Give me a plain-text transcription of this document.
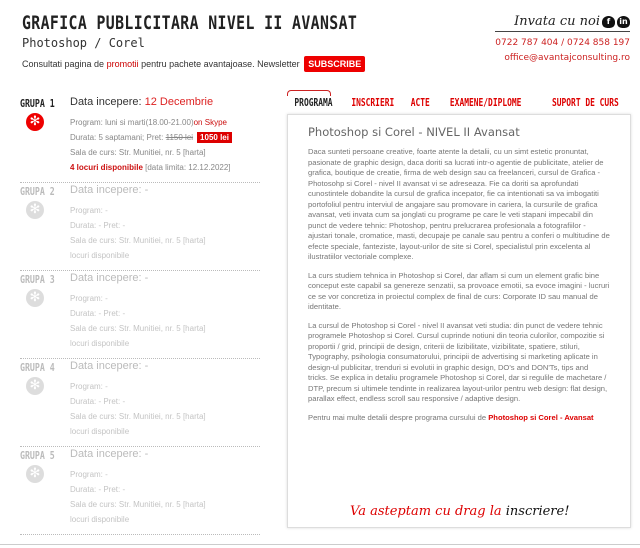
GRAFICA PUBLICITARA NIVEL II AVANSAT
Photoshop / Corel
Consultati pagina de promotii pentru pachete avantajoase. Newsletter SUBSCRIBE
Invata cu noi f	in
0722 787 404 / 0724 858 197
office@avantajconsulting.ro
GRUPA 1 Data incepere: 12 Decembrie
✻	Program: luni si marti(18.00-21.00)on Skype
Durata: 5 saptamani; Pret: 1150 lei 1050 lei
Sala de curs: Str. Munitiei, nr. 5 [harta]
4 locuri disponibile [data limita: 12.12.2022]
GRUPA 2 Data incepere: -
✻	Program: -
Durata: - Pret: -
Sala de curs: Str. Munitiei, nr. 5 [harta]
locuri disponibile
GRUPA 3 Data incepere: -
✻	Program: -
Durata: - Pret: -
Sala de curs: Str. Munitiei, nr. 5 [harta]
locuri disponibile
GRUPA 4 Data incepere: -
✻	Program: -
Durata: - Pret: -
Sala de curs: Str. Munitiei, nr. 5 [harta]
locuri disponibile
GRUPA 5 Data incepere: -
✻	Program: -
Durata: - Pret: -
Sala de curs: Str. Munitiei, nr. 5 [harta]
locuri disponibile
PROGRAMA INSCRIERI ACTE EXAMENE/DIPLOME	SUPORT DE CURS
Photoshop si Corel - NIVEL II Avansat

Daca sunteti persoane creative, foarte atente la detalii, cu un simt estetic pronuntat, pasionate de graphic design, daca doriti sa lucrati intr-o agentie de publicitate, atelier de grafica, boutique de creatie, firma de web design sau ca freelanceri, cursul de Grafica - Photosohp si Corel - nivel II avansat vi se adreseaza. Fie ca doriti sa aprofundati cunostintele dobandite la cursul de grafica incepator, fie ca intentionati sa va imbogatiti portofoliul pentru interviul de angajare sau promovare in cariera, la cursurile de grafica avansat, veti invata cum sa jonglati cu programe pe care le veti stapani impecabil din punct de vedere tehnic: Photoshop, pentru prelucrarea profesionala a fotografiilor - ajustari tonale, cromatice, masti, decupaje pe canale sau pentru a conferi o multitudine de efecte speciale, fanteziste, layout-urilor de site si Corel, specialistul prin excelenta al ilustratiilor vectoriale complexe.

La curs studiem tehnica in Photoshop si Corel, dar aflam si cum un element grafic bine conceput este capabil sa genereze senzatii, sa provoace emotii, sa evoce imagini - lucruri ce se vor concretiza in proiectul complex de final de curs: Corporate ID sau manual de identitate.

La cursul de Photoshop si Corel - nivel II avansat veti studia: din punct de vedere tehnic programele Photoshop si Corel. Cursul cuprinde notiuni din teoria culorilor, compozitie si proportii / grid, principii de design, criterii de lizibilitate, vizibilitate, spatiere, stiluri, Typography, psihologia consumatorului, principii de advertising si marketing aplicate in design-ul publicitar, trenduri si evolutii in graphic design, DO's and DON'Ts, tips and tricks. Se explica in detaliu programele Photoshop si Corel, dar si regulile de machetare / DTP, precum si ultimele tendinte in realizarea layout-urilor pentru web design: flat design, parallax effect, endless scroll sau responsive / adaptive design.

Pentru mai multe detalii despre programa cursului de Photoshop si Corel - Avansat

Va asteptam cu drag la inscriere!
